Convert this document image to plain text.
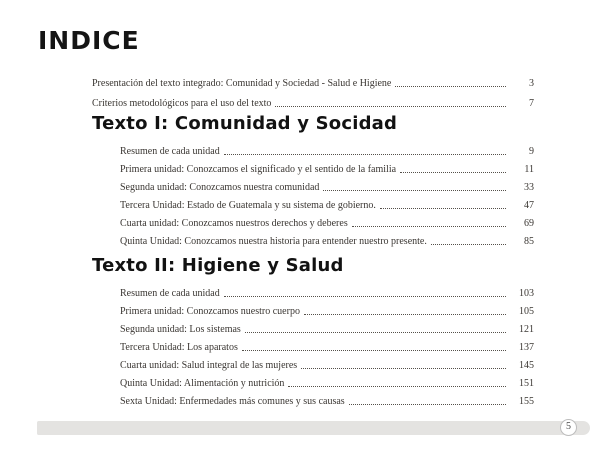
INDICE
Presentación del texto integrado: Comunidad y Sociedad - Salud e Higiene	3
Criterios metodológicos para el uso del texto	7
Texto I: Comunidad y Socidad
Resumen de cada unidad	9
Primera unidad: Conozcamos el significado y el sentido de la familia	11
Segunda unidad: Conozcamos nuestra comunidad	33
Tercera Unidad: Estado de Guatemala y su sistema de gobierno.	47
Cuarta unidad: Conozcamos nuestros derechos y deberes	69
Quinta Unidad: Conozcamos nuestra historia para entender nuestro presente.	85
Texto II: Higiene y Salud
Resumen de cada unidad	103
Primera unidad: Conozcamos nuestro cuerpo	105
Segunda unidad: Los sistemas	121
Tercera Unidad: Los aparatos	137
Cuarta unidad: Salud integral de las mujeres	145
Quinta Unidad: Alimentación y nutrición	151
Sexta Unidad: Enfermedades más comunes y sus causas	155
5
